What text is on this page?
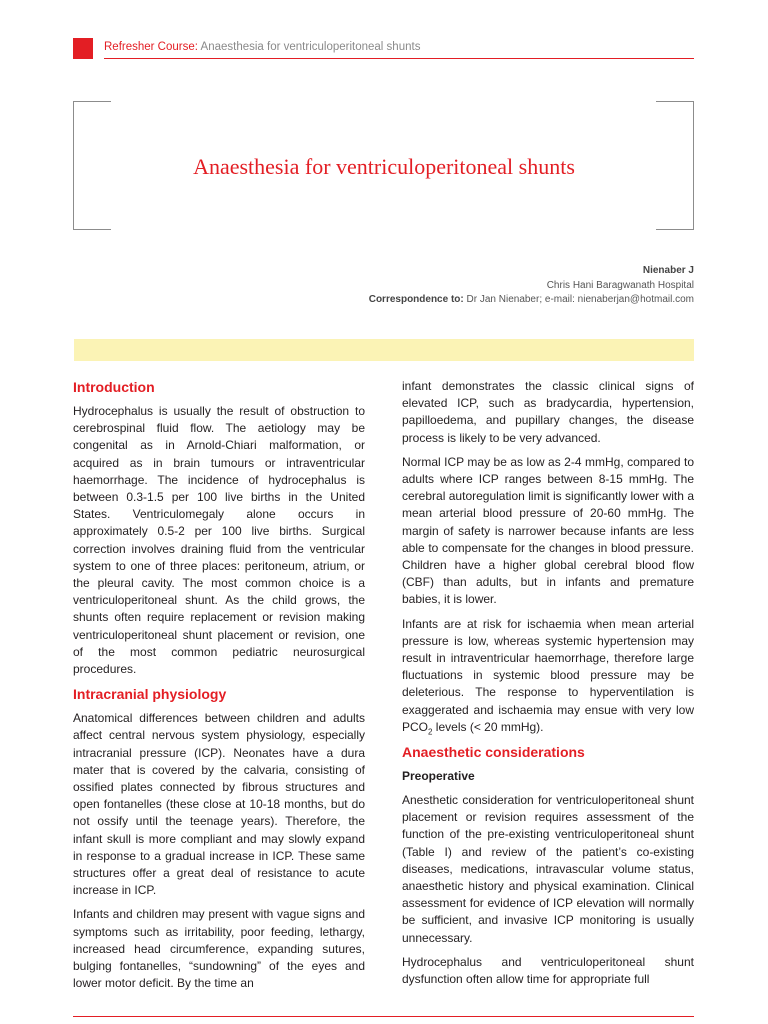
Refresher Course: Anaesthesia for ventriculoperitoneal shunts
Anaesthesia for ventriculoperitoneal shunts
Nienaber J
Chris Hani Baragwanath Hospital
Correspondence to: Dr Jan Nienaber; e-mail: nienaberjan@hotmail.com
Introduction

Hydrocephalus is usually the result of obstruction to cerebrospinal fluid flow. The aetiology may be congenital as in Arnold-Chiari malformation, or acquired as in brain tumours or intraventricular haemorrhage. The incidence of hydrocephalus is between 0.3-1.5 per 100 live births in the United States. Ventriculomegaly alone occurs in approximately 0.5-2 per 100 live births. Surgical correction involves draining fluid from the ventricular system to one of three places: peritoneum, atrium, or the pleural cavity. The most common choice is a ventriculoperitoneal shunt. As the child grows, the shunts often require replacement or revision making ventriculoperitoneal shunt placement or revision, one of the most common pediatric neurosurgical procedures.

Intracranial physiology

Anatomical differences between children and adults affect central nervous system physiology, especially intracranial pressure (ICP). Neonates have a dura mater that is covered by the calvaria, consisting of ossified plates connected by fibrous structures and open fontanelles (these close at 10-18 months, but do not ossify until the teenage years). Therefore, the infant skull is more compliant and may slowly expand in response to a gradual increase in ICP. These same structures offer a great deal of resistance to acute increase in ICP.

Infants and children may present with vague signs and symptoms such as irritability, poor feeding, lethargy, increased head circumference, expanding sutures, bulging fontanelles, “sundowning” of the eyes and lower motor deficit. By the time an

infant demonstrates the classic clinical signs of elevated ICP, such as bradycardia, hypertension, papilloedema, and pupillary changes, the disease process is likely to be very advanced.

Normal ICP may be as low as 2-4 mmHg, compared to adults where ICP ranges between 8-15 mmHg. The cerebral autoregulation limit is significantly lower with a mean arterial blood pressure of 20-60 mmHg. The margin of safety is narrower because infants are less able to compensate for the changes in blood pressure. Children have a higher global cerebral blood flow (CBF) than adults, but in infants and premature babies, it is lower.

Infants are at risk for ischaemia when mean arterial pressure is low, whereas systemic hypertension may result in intraventricular haemorrhage, therefore large fluctuations in systemic blood pressure may be deleterious. The response to hyperventilation is exaggerated and ischaemia may ensue with very low $PCO_2$ levels (< 20 mmHg).

Anaesthetic considerations
Preoperative

Anesthetic consideration for ventriculoperitoneal shunt placement or revision requires assessment of the function of the pre-existing ventriculoperitoneal shunt (Table I) and review of the patient’s co-existing diseases, medications, intravascular volume status, anaesthetic history and physical examination. Clinical assessment for evidence of ICP elevation will normally be sufficient, and invasive ICP monitoring is usually unnecessary.

Hydrocephalus and ventriculoperitoneal shunt dysfunction often allow time for appropriate full
